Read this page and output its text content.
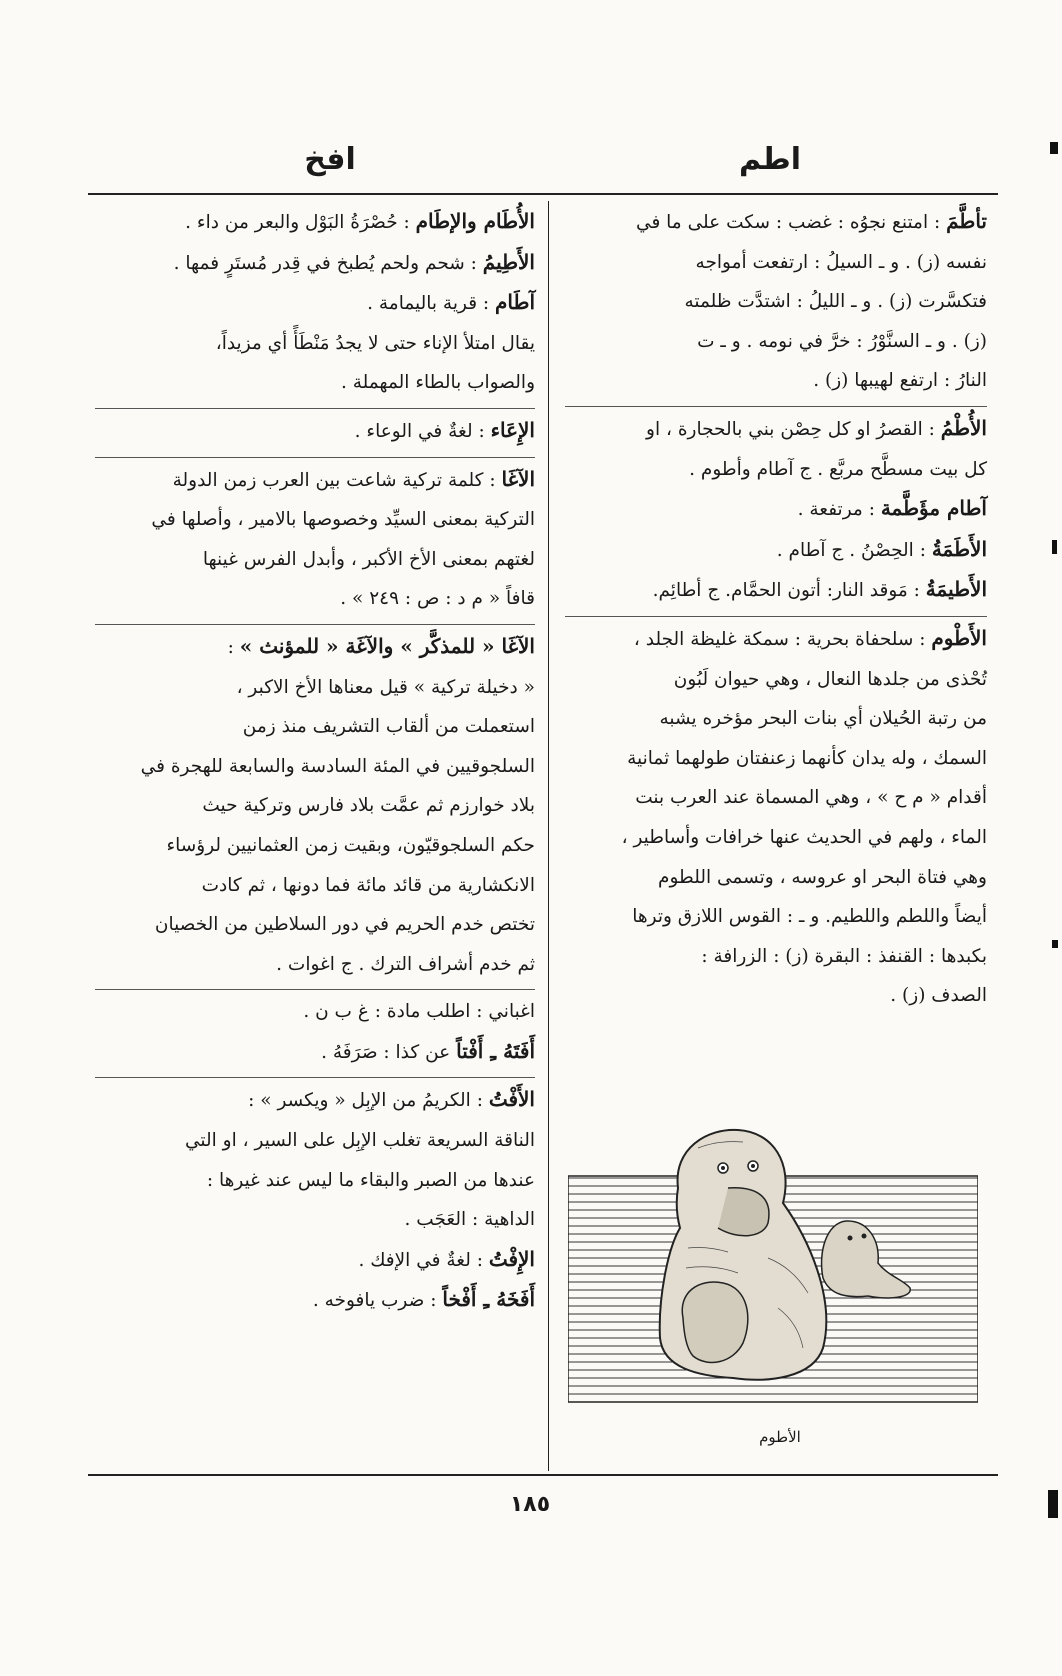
اطم
افخ
تأطَّمَ : امتنع نجوُه : غضب : سكت على ما في
نفسه (ز) . و ـ السيلُ : ارتفعت أمواجه
فتكسَّرت (ز) . و ـ الليلُ : اشتدَّت ظلمته
(ز) . و ـ السنَّوْرُ : خرَّ في نومه . و ـ ت
النارُ : ارتفع لهيبها (ز) .
الأُطْمُ : القصرُ او كل حِصْن بني بالحجارة ، او
كل بيت مسطَّح مربَّع . ج آطام وأطوم .
آطام مؤَطَّمة : مرتفعة .
الأَطَمَةُ : الحِصْنُ . ج آطام .
الأَطيمَةُ : مَوقد النار: أتون الحمَّام. ج أطائِم.
الأَطْوم : سلحفاة بحرية : سمكة غليظة الجلد ،
تُحْذى من جلدها النعال ، وهي حيوان لَبُون
من رتبة الحُيلان أي بنات البحر مؤخره يشبه
السمك ، وله يدان كأنهما زعنفتان طولهما ثمانية
أقدام « م ح » ، وهي المسماة عند العرب بنت
الماء ، ولهم في الحديث عنها خرافات وأساطير ،
وهي فتاة البحر او عروسه ، وتسمى اللطوم
أيضاً واللطم واللطيم. و ـ : القوس اللازق وترها
بكبدها : القنفذ : البقرة (ز) : الزرافة :
الصدف (ز) .
الأُطَام والإطَام : حُصْرَةُ البَوْل والبعر من داء .
الأَطِيمُ : شحم ولحم يُطبخ في قِدر مُستَرٍ فمها .
آطَام : قرية باليمامة .
يقال امتلأ الإناء حتى لا يجدُ مَنْطَأً أي مزيداً،
والصواب بالطاء المهملة .
الإِعَاء : لغةٌ في الوعاء .
الآغَا : كلمة تركية شاعت بين العرب زمن الدولة
التركية بمعنى السيِّد وخصوصها بالامير ، وأصلها في
لغتهم بمعنى الأخ الأكبر ، وأبدل الفرس غينها
قافاً « م د : ص : ٢٤٩ » .
الآغَا « للمذكَّر » والآغَة « للمؤنث » :
« دخيلة تركية » قيل معناها الأخ الاكبر ،
استعملت من ألقاب التشريف منذ زمن
السلجوقيين في المئة السادسة والسابعة للهجرة في
بلاد خوارزم ثم عمَّت بلاد فارس وتركية حيث
حكم السلجوقيّون، وبقيت زمن العثمانيين لرؤساء
الانكشارية من قائد مائة فما دونها ، ثم كادت
تختص خدم الحريم في دور السلاطين من الخصيان
ثم خدم أشراف الترك . ج اغوات .
اغباني : اطلب مادة : غ ب ن .
أَفَتَهُ ـِ أَفْتاً عن كذا : صَرَفَهُ .
الأَفْتُ : الكريمُ من الإبِل « ويكسر » :
الناقة السريعة تغلب الإبِل على السير ، او التي
عندها من الصبر والبقاء ما ليس عند غيرها :
الداهية : العَجَب .
الإِفْتُ : لغةٌ في الإفك .
أَفَخَهُ ـِ أَفْخاً : ضرب يافوخه .
الأطوم
١٨٥
